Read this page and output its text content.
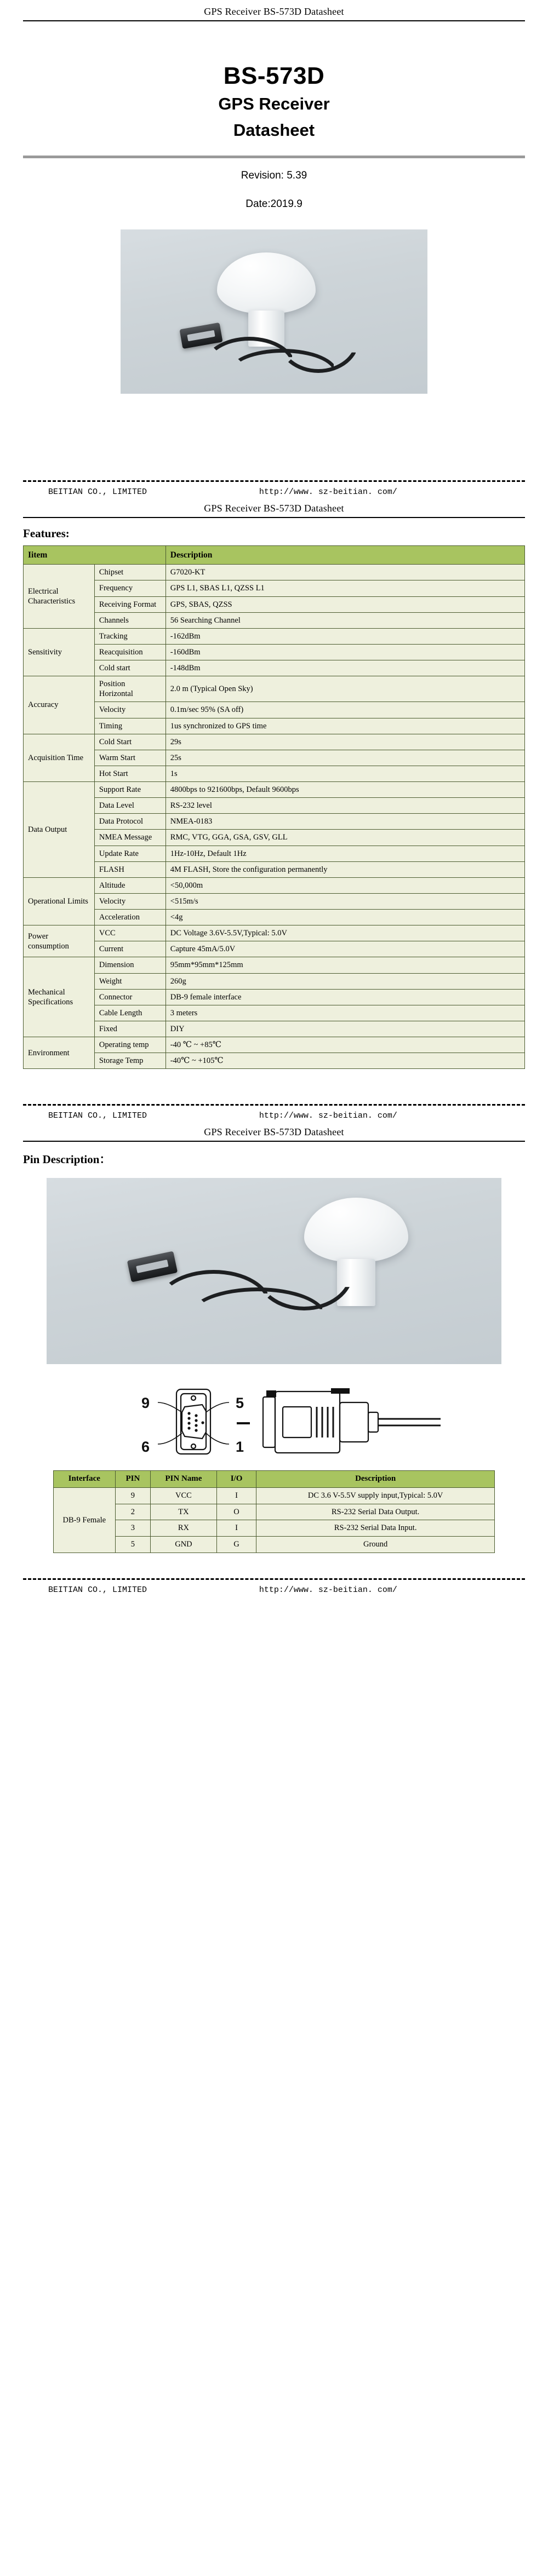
GPS Receiver BS-573D Datasheet
BS-573D
GPS Receiver
Datasheet
Revision: 5.39
Date:2019.9
BEITIAN CO., LIMITED	http://www. sz-beitian. com/
GPS Receiver BS-573D Datasheet
Features:
Iitem		Description
Electrical Characteristics	Chipset	G7020-KT
	Frequency	GPS L1, SBAS L1, QZSS L1
	Receiving Format	GPS, SBAS, QZSS
	Channels	56 Searching Channel
Sensitivity	Tracking	-162dBm
	Reacquisition	-160dBm
	Cold start	-148dBm
Accuracy	Position Horizontal	2.0 m (Typical Open Sky)
	Velocity	0.1m/sec 95% (SA off)
	Timing	1us synchronized to GPS time
Acquisition Time	Cold Start	29s
	Warm Start	25s
	Hot Start	1s
Data Output	Support Rate	4800bps to 921600bps, Default 9600bps
	Data Level	RS-232 level
	Data Protocol	NMEA-0183
	NMEA Message	RMC, VTG, GGA, GSA, GSV, GLL
	Update Rate	1Hz-10Hz, Default 1Hz
	FLASH	4M FLASH, Store the configuration permanently
Operational Limits	Altitude	<50,000m
	Velocity	<515m/s
	Acceleration	<4g
Power consumption	VCC	DC Voltage 3.6V-5.5V,Typical: 5.0V
	Current	Capture 45mA/5.0V
Mechanical Specifications	Dimension	95mm*95mm*125mm
	Weight	260g
	Connector	DB-9 female interface
	Cable Length	3 meters
	Fixed	DIY
Environment	Operating temp	-40 ℃ ~ +85℃
	Storage Temp	-40℃ ~ +105℃
BEITIAN CO., LIMITED	http://www. sz-beitian. com/
GPS Receiver BS-573D Datasheet
Pin Description：
9	5
6	1
Interface	PIN	PIN Name	I/O	Description
DB-9 Female	9	VCC	I	DC 3.6 V-5.5V supply input,Typical: 5.0V
	2	TX	O	RS-232 Serial Data Output.
	3	RX	I	RS-232 Serial Data Input.
	5	GND	G	Ground
BEITIAN CO., LIMITED	http://www. sz-beitian. com/
